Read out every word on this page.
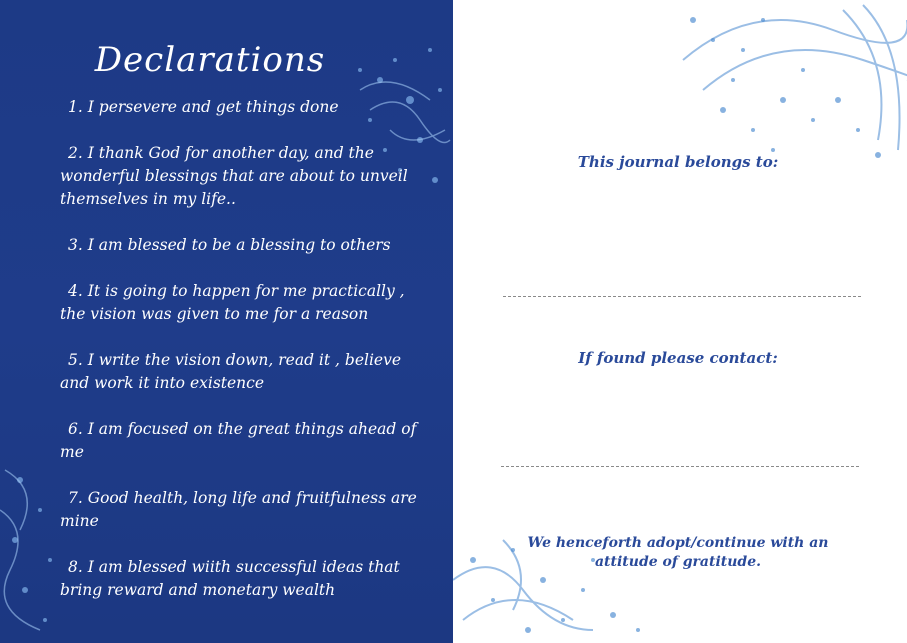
Declarations
1. I persevere and get things done
2. I thank God for another day, and the wonderful blessings that are about to unveil themselves in my life..
3. I am blessed to be a blessing to others
4. It is going to happen for me practically , the vision was given to me for a reason
5. I write the vision down, read it , believe and work it into existence
6. I am focused on the great things ahead of me
7. Good health, long life and fruitfulness are mine
8. I am blessed wiith successful ideas that bring reward and monetary wealth
This journal belongs to:
If found please contact:
We henceforth adopt/continue with an attitude of gratitude.
